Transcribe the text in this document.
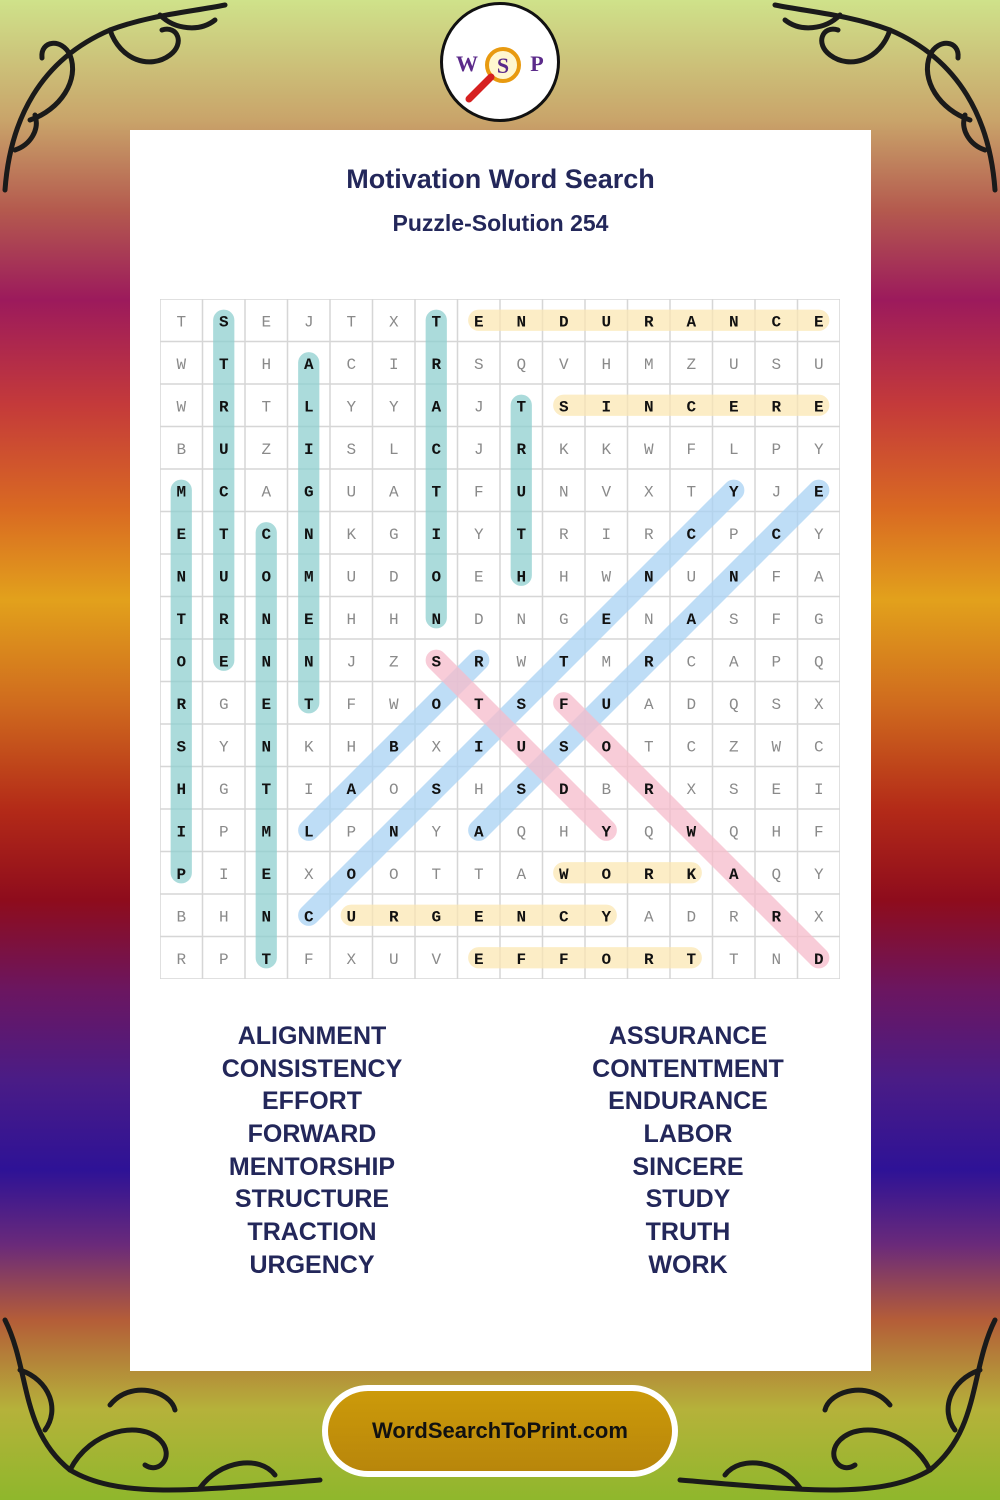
W S P
Motivation Word Search
Puzzle-Solution 254
T S E J T X T E N D U R A N C E
W T H A C I R S Q V H M Z U S U
W R T L Y Y A J T S I N C E R E
B U Z I S L C J R K K W F L P Y
M C A G U A T F U N V X T Y J E
E T C N K G I Y T R I R C P C Y
N U O M U D O E H H W N U N F A
T R N E H H N D N G E N A S F G
O E N N J Z S R W T M R C A P Q
R G E T F W O T S F U A D Q S X
S Y N K H B X I U S O T C Z W C
H G T I A O S H S D B R X S E I
I P M L P N Y A Q H Y Q W Q H F
P I E X O O T T A W O R K A Q Y
B H N C U R G E N C Y A D R R X
R P T F X U V E F F O R T T N D
ALIGNMENT
CONSISTENCY
EFFORT
FORWARD
MENTORSHIP
STRUCTURE
TRACTION
URGENCY
ASSURANCE
CONTENTMENT
ENDURANCE
LABOR
SINCERE
STUDY
TRUTH
WORK
WordSearchToPrint.com
